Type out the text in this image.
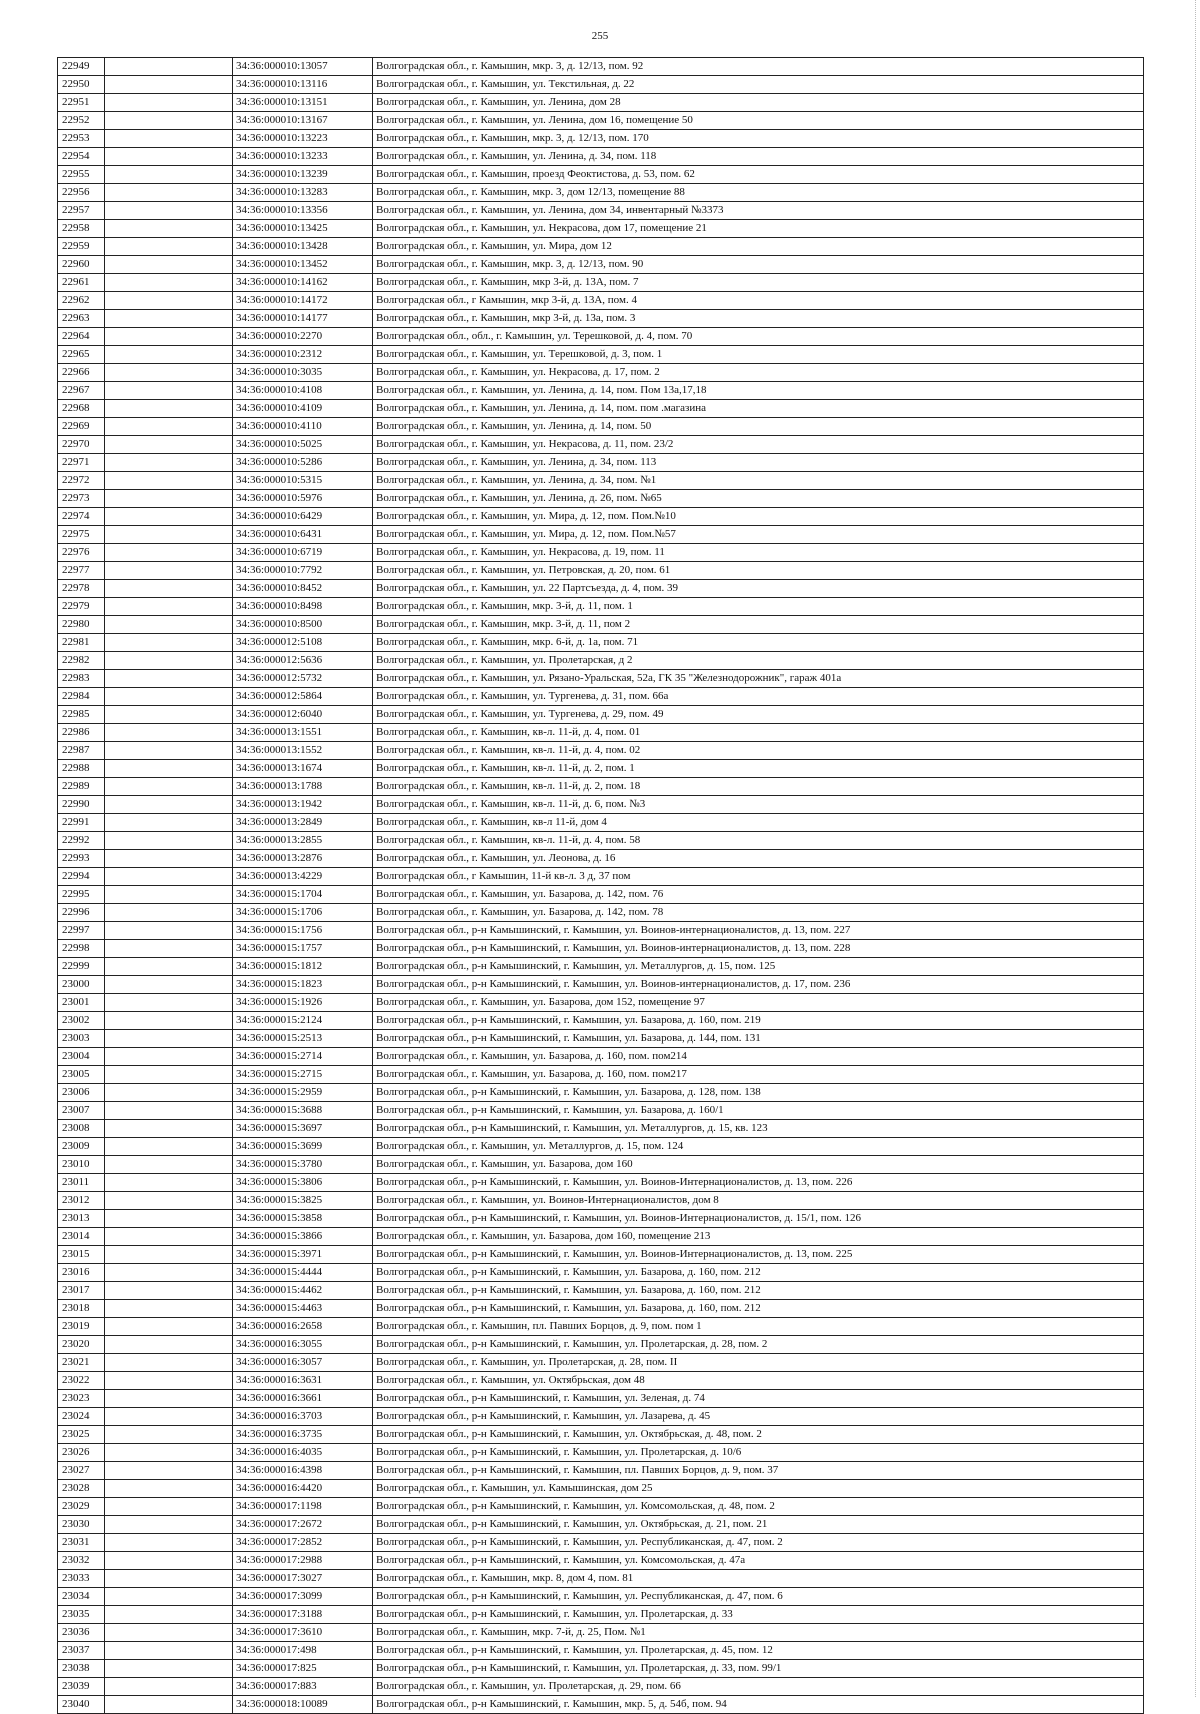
255
22949		34:36:000010:13057	Волгоградская обл., г. Камышин, мкр. 3, д. 12/13, пом. 92
22950		34:36:000010:13116	Волгоградская обл., г. Камышин, ул. Текстильная, д. 22
22951		34:36:000010:13151	Волгоградская обл., г. Камышин, ул. Ленина, дом 28
22952		34:36:000010:13167	Волгоградская обл., г. Камышин, ул. Ленина, дом 16, помещение 50
22953		34:36:000010:13223	Волгоградская обл., г. Камышин, мкр. 3, д. 12/13, пом. 170
22954		34:36:000010:13233	Волгоградская обл., г. Камышин, ул. Ленина, д. 34, пом. 118
22955		34:36:000010:13239	Волгоградская обл., г. Камышин, проезд Феоктистова, д. 53, пом. 62
22956		34:36:000010:13283	Волгоградская обл., г. Камышин, мкр. 3, дом 12/13, помещение 88
22957		34:36:000010:13356	Волгоградская обл., г. Камышин, ул. Ленина, дом 34, инвентарный №3373
22958		34:36:000010:13425	Волгоградская обл., г. Камышин, ул. Некрасова, дом 17, помещение 21
22959		34:36:000010:13428	Волгоградская обл., г. Камышин, ул. Мира, дом 12
22960		34:36:000010:13452	Волгоградская обл., г. Камышин, мкр. 3, д. 12/13, пом. 90
22961		34:36:000010:14162	Волгоградская обл., г. Камышин, мкр 3-й, д. 13А, пом. 7
22962		34:36:000010:14172	Волгоградская обл., г Камышин, мкр 3-й, д. 13А, пом. 4
22963		34:36:000010:14177	Волгоградская обл., г. Камышин, мкр 3-й, д. 13а, пом. 3
22964		34:36:000010:2270	Волгоградская обл., обл., г. Камышин, ул. Терешковой, д. 4, пом. 70
22965		34:36:000010:2312	Волгоградская обл., г. Камышин, ул. Терешковой, д. 3, пом. 1
22966		34:36:000010:3035	Волгоградская обл., г. Камышин, ул. Некрасова, д. 17, пом. 2
22967		34:36:000010:4108	Волгоградская обл., г. Камышин, ул. Ленина, д. 14, пом. Пом 13а,17,18
22968		34:36:000010:4109	Волгоградская обл., г. Камышин, ул. Ленина, д. 14, пом. пом .магазина
22969		34:36:000010:4110	Волгоградская обл., г. Камышин, ул. Ленина, д. 14, пом. 50
22970		34:36:000010:5025	Волгоградская обл., г. Камышин, ул. Некрасова, д. 11, пом. 23/2
22971		34:36:000010:5286	Волгоградская обл., г. Камышин, ул. Ленина, д. 34, пом. 113
22972		34:36:000010:5315	Волгоградская обл., г. Камышин, ул. Ленина, д. 34, пом. №1
22973		34:36:000010:5976	Волгоградская обл., г. Камышин, ул. Ленина, д. 26, пом. №65
22974		34:36:000010:6429	Волгоградская обл., г. Камышин, ул. Мира, д. 12, пом. Пом.№10
22975		34:36:000010:6431	Волгоградская обл., г. Камышин, ул. Мира, д. 12, пом. Пом.№57
22976		34:36:000010:6719	Волгоградская обл., г. Камышин, ул. Некрасова, д. 19, пом. 11
22977		34:36:000010:7792	Волгоградская обл., г. Камышин, ул. Петровская, д. 20, пом. 61
22978		34:36:000010:8452	Волгоградская обл., г. Камышин, ул. 22 Партсъезда, д. 4, пом. 39
22979		34:36:000010:8498	Волгоградская обл., г. Камышин, мкр. 3-й, д. 11, пом. 1
22980		34:36:000010:8500	Волгоградская обл., г. Камышин, мкр. 3-й, д. 11, пом 2
22981		34:36:000012:5108	Волгоградская обл., г. Камышин, мкр. 6-й, д. 1а, пом. 71
22982		34:36:000012:5636	Волгоградская обл., г. Камышин, ул. Пролетарская, д 2
22983		34:36:000012:5732	Волгоградская обл., г. Камышин, ул. Рязано-Уральская, 52а, ГК 35 "Железнодорожник", гараж 401а
22984		34:36:000012:5864	Волгоградская обл., г. Камышин, ул. Тургенева, д. 31, пом. 66а
22985		34:36:000012:6040	Волгоградская обл., г. Камышин, ул. Тургенева, д. 29, пом. 49
22986		34:36:000013:1551	Волгоградская обл., г. Камышин, кв-л. 11-й, д. 4, пом. 01
22987		34:36:000013:1552	Волгоградская обл., г. Камышин, кв-л. 11-й, д. 4, пом. 02
22988		34:36:000013:1674	Волгоградская обл., г. Камышин, кв-л. 11-й, д. 2, пом. 1
22989		34:36:000013:1788	Волгоградская обл., г. Камышин, кв-л. 11-й, д. 2, пом. 18
22990		34:36:000013:1942	Волгоградская обл., г. Камышин, кв-л. 11-й, д. 6, пом. №3
22991		34:36:000013:2849	Волгоградская обл., г. Камышин, кв-л 11-й, дом 4
22992		34:36:000013:2855	Волгоградская обл., г. Камышин, кв-л. 11-й, д. 4, пом. 58
22993		34:36:000013:2876	Волгоградская обл., г. Камышин, ул. Леонова, д. 16
22994		34:36:000013:4229	Волгоградская обл., г Камышин, 11-й кв-л. 3 д, 37 пом
22995		34:36:000015:1704	Волгоградская обл., г. Камышин, ул. Базарова, д. 142, пом. 76
22996		34:36:000015:1706	Волгоградская обл., г. Камышин, ул. Базарова, д. 142, пом. 78
22997		34:36:000015:1756	Волгоградская обл., р-н Камышинский, г. Камышин, ул. Воинов-интернационалистов, д. 13, пом. 227
22998		34:36:000015:1757	Волгоградская обл., р-н Камышинский, г. Камышин, ул. Воинов-интернационалистов, д. 13, пом. 228
22999		34:36:000015:1812	Волгоградская обл., р-н Камышинский, г. Камышин, ул. Металлургов, д. 15, пом. 125
23000		34:36:000015:1823	Волгоградская обл., р-н Камышинский, г. Камышин, ул. Воинов-интернационалистов, д. 17, пом. 236
23001		34:36:000015:1926	Волгоградская обл., г. Камышин, ул. Базарова, дом 152, помещение 97
23002		34:36:000015:2124	Волгоградская обл., р-н Камышинский, г. Камышин, ул. Базарова, д. 160, пом. 219
23003		34:36:000015:2513	Волгоградская обл., р-н Камышинский, г. Камышин, ул. Базарова, д. 144, пом. 131
23004		34:36:000015:2714	Волгоградская обл., г. Камышин, ул. Базарова, д. 160, пом. пом214
23005		34:36:000015:2715	Волгоградская обл., г. Камышин, ул. Базарова, д. 160, пом. пом217
23006		34:36:000015:2959	Волгоградская обл., р-н Камышинский, г. Камышин, ул. Базарова, д. 128, пом. 138
23007		34:36:000015:3688	Волгоградская обл., р-н Камышинский, г. Камышин, ул. Базарова, д. 160/1
23008		34:36:000015:3697	Волгоградская обл., р-н Камышинский, г. Камышин, ул. Металлургов, д. 15, кв. 123
23009		34:36:000015:3699	Волгоградская обл., г. Камышин, ул. Металлургов, д. 15, пом. 124
23010		34:36:000015:3780	Волгоградская обл., г. Камышин, ул. Базарова, дом 160
23011		34:36:000015:3806	Волгоградская обл., р-н Камышинский, г. Камышин, ул. Воинов-Интернационалистов, д. 13, пом. 226
23012		34:36:000015:3825	Волгоградская обл., г. Камышин, ул. Воинов-Интернационалистов, дом 8
23013		34:36:000015:3858	Волгоградская обл., р-н Камышинский, г. Камышин, ул. Воинов-Интернационалистов, д. 15/1, пом. 126
23014		34:36:000015:3866	Волгоградская обл., г. Камышин, ул. Базарова, дом 160, помещение 213
23015		34:36:000015:3971	Волгоградская обл., р-н Камышинский, г. Камышин, ул. Воинов-Интернационалистов, д. 13, пом. 225
23016		34:36:000015:4444	Волгоградская обл., р-н Камышинский, г. Камышин, ул. Базарова, д. 160, пом. 212
23017		34:36:000015:4462	Волгоградская обл., р-н Камышинский, г. Камышин, ул. Базарова, д. 160, пом. 212
23018		34:36:000015:4463	Волгоградская обл., р-н Камышинский, г. Камышин, ул. Базарова, д. 160, пом. 212
23019		34:36:000016:2658	Волгоградская обл., г. Камышин, пл. Павших Борцов, д. 9, пом. пом 1
23020		34:36:000016:3055	Волгоградская обл., р-н Камышинский, г. Камышин, ул. Пролетарская, д. 28, пом. 2
23021		34:36:000016:3057	Волгоградская обл., г. Камышин, ул. Пролетарская, д. 28, пом. II
23022		34:36:000016:3631	Волгоградская обл., г. Камышин, ул. Октябрьская, дом 48
23023		34:36:000016:3661	Волгоградская обл., р-н Камышинский, г. Камышин, ул. Зеленая, д. 74
23024		34:36:000016:3703	Волгоградская обл., р-н Камышинский, г. Камышин, ул. Лазарева, д. 45
23025		34:36:000016:3735	Волгоградская обл., р-н Камышинский, г. Камышин, ул. Октябрьская, д. 48, пом. 2
23026		34:36:000016:4035	Волгоградская обл., р-н Камышинский, г. Камышин, ул. Пролетарская, д. 10/6
23027		34:36:000016:4398	Волгоградская обл., р-н Камышинский, г. Камышин, пл. Павших Борцов, д. 9, пом. 37
23028		34:36:000016:4420	Волгоградская обл., г. Камышин, ул. Камышинская, дом 25
23029		34:36:000017:1198	Волгоградская обл., р-н Камышинский, г. Камышин, ул. Комсомольская, д. 48, пом. 2
23030		34:36:000017:2672	Волгоградская обл., р-н Камышинский, г. Камышин, ул. Октябрьская, д. 21, пом. 21
23031		34:36:000017:2852	Волгоградская обл., р-н Камышинский, г. Камышин, ул. Республиканская, д. 47, пом. 2
23032		34:36:000017:2988	Волгоградская обл., р-н Камышинский, г. Камышин, ул. Комсомольская, д. 47а
23033		34:36:000017:3027	Волгоградская обл., г. Камышин, мкр. 8, дом 4, пом. 81
23034		34:36:000017:3099	Волгоградская обл., р-н Камышинский, г. Камышин, ул. Республиканская, д. 47, пом. 6
23035		34:36:000017:3188	Волгоградская обл., р-н Камышинский, г. Камышин, ул. Пролетарская, д. 33
23036		34:36:000017:3610	Волгоградская обл., г. Камышин, мкр. 7-й, д. 25, Пом. №1
23037		34:36:000017:498	Волгоградская обл., р-н Камышинский, г. Камышин, ул. Пролетарская, д. 45, пом. 12
23038		34:36:000017:825	Волгоградская обл., р-н Камышинский, г. Камышин, ул. Пролетарская, д. 33, пом. 99/1
23039		34:36:000017:883	Волгоградская обл., г. Камышин, ул. Пролетарская, д. 29, пом. 66
23040		34:36:000018:10089	Волгоградская обл., р-н Камышинский, г. Камышин, мкр. 5, д. 54б, пом. 94
